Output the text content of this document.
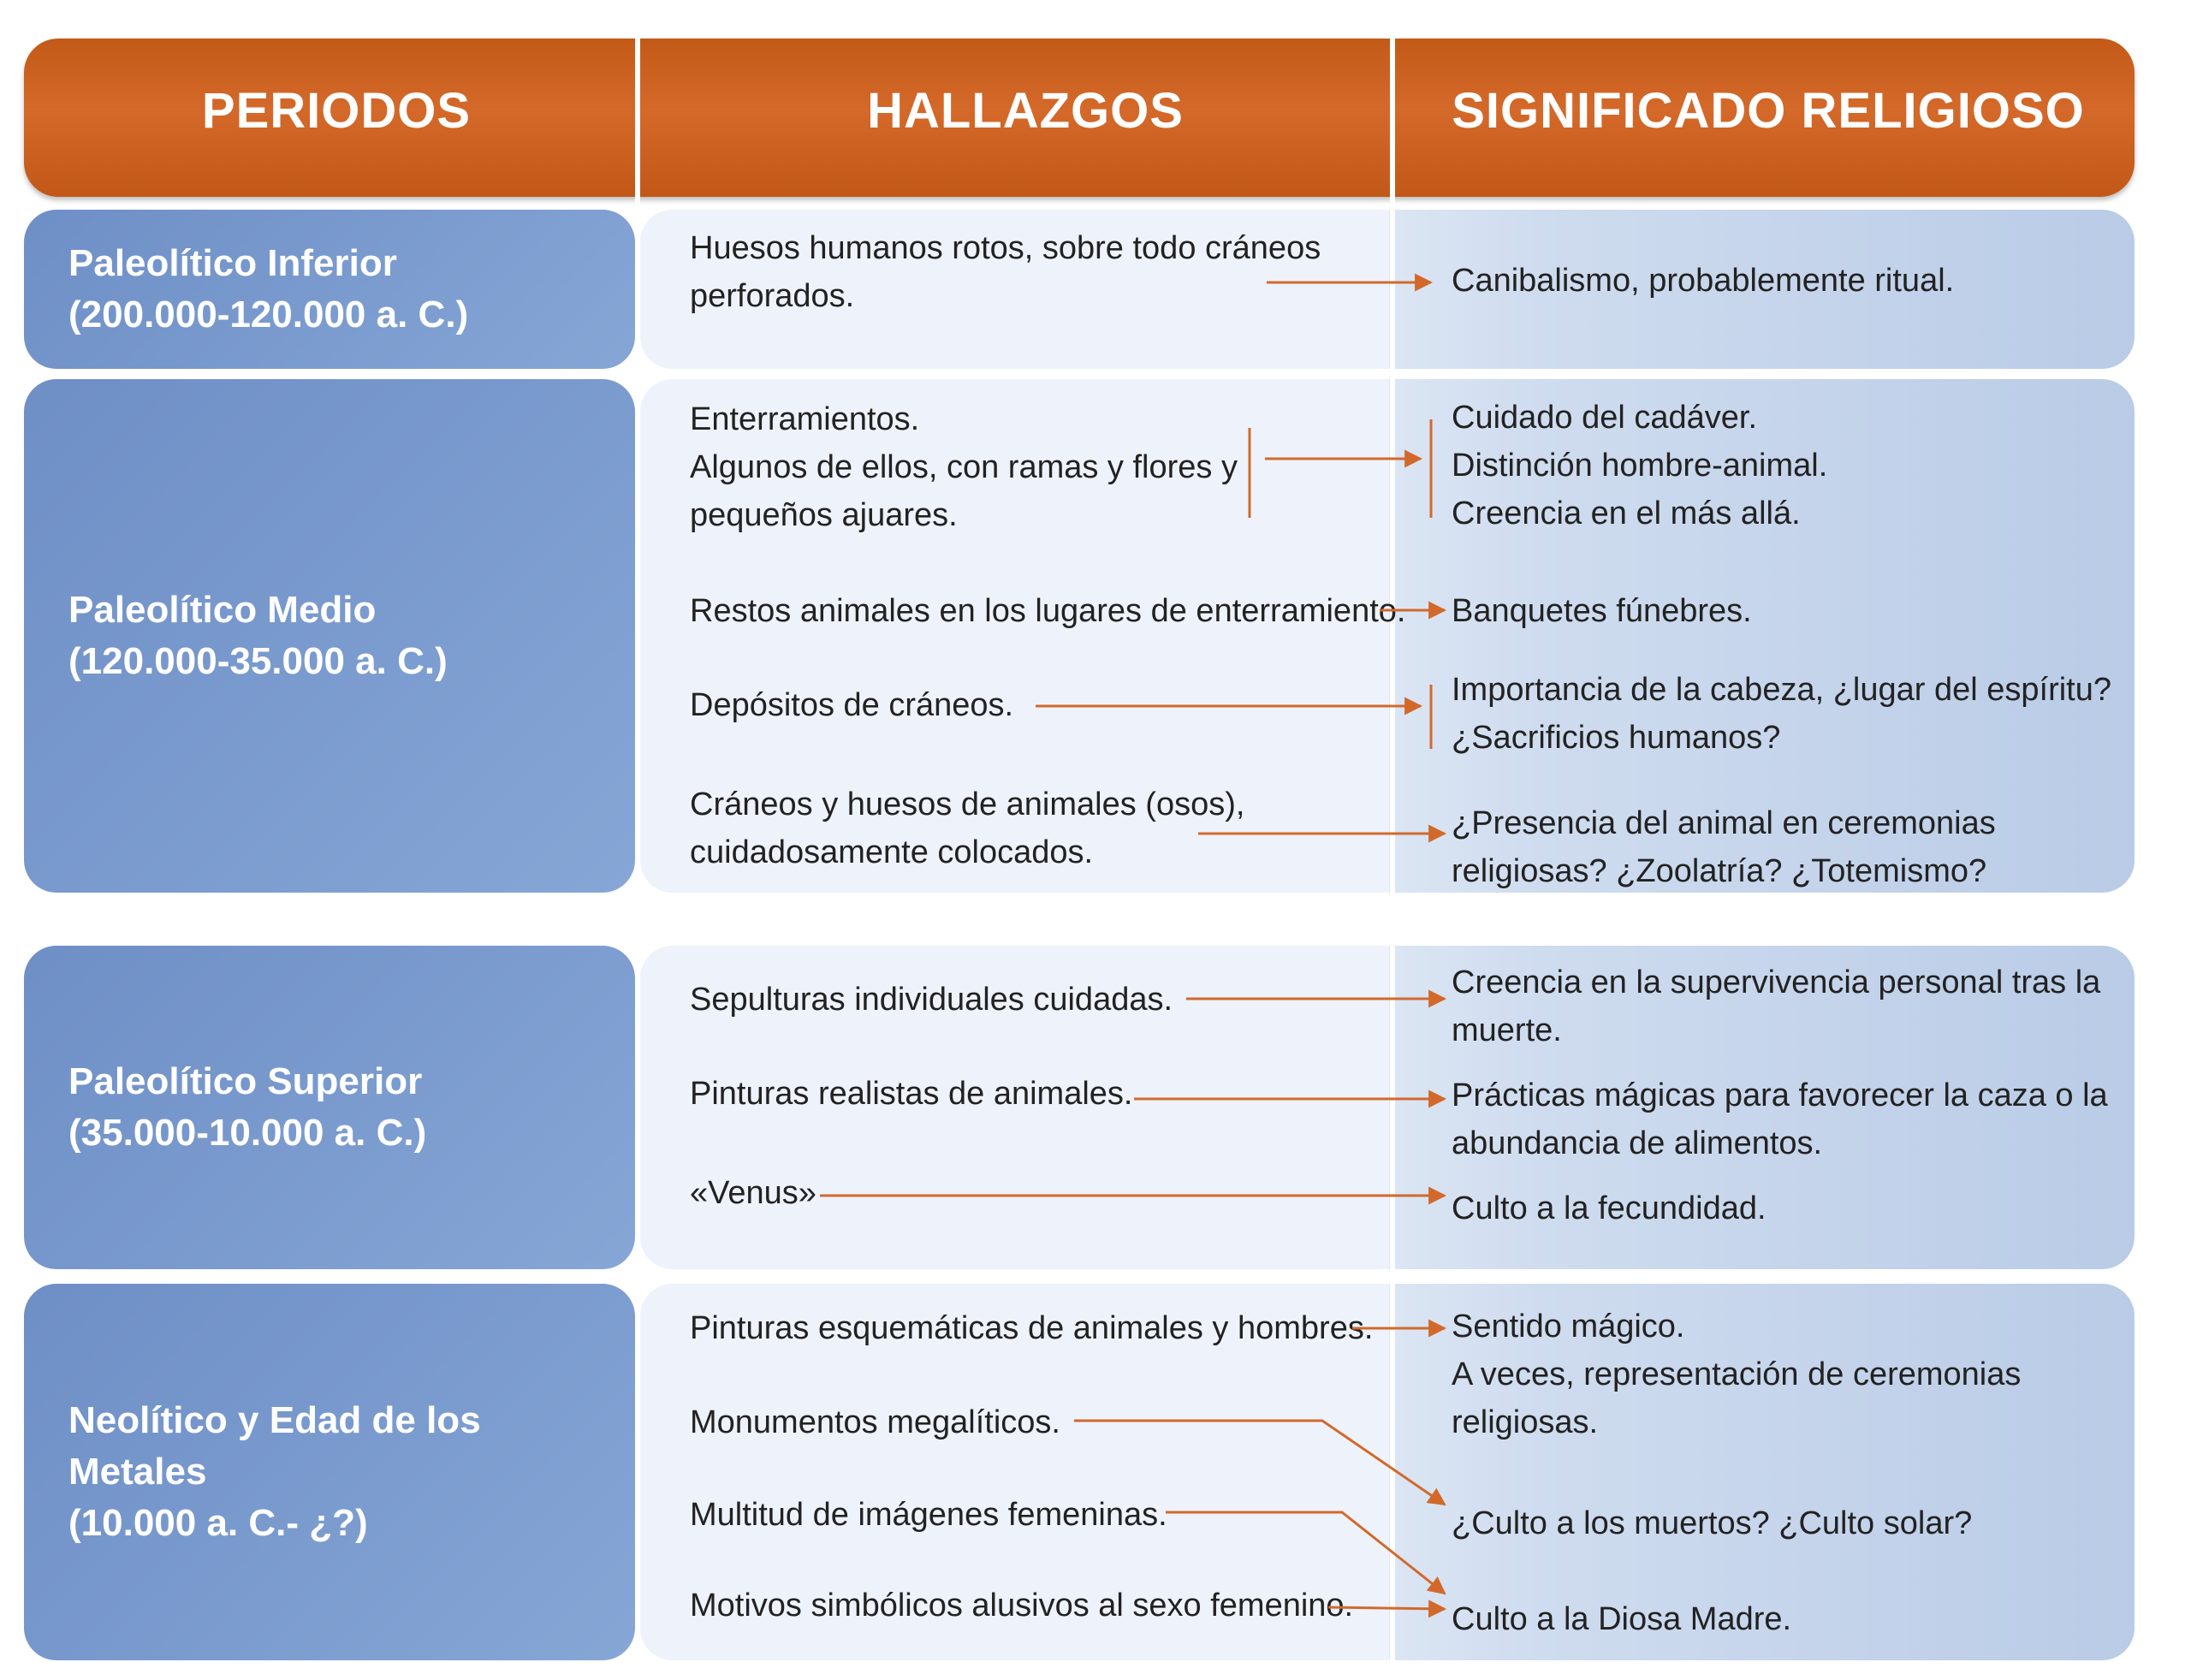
PERIODOS	HALLAZGOS	SIGNIFICADO RELIGIOSO
Paleolítico Inferior
(200.000-120.000 a. C.)
Paleolítico Medio
(120.000-35.000 a. C.)
Paleolítico Superior
(35.000-10.000 a. C.)
Neolítico y Edad de los
Metales
(10.000 a. C.- ¿?)
Huesos humanos rotos, sobre todo cráneos
perforados.
Enterramientos.
Algunos de ellos, con ramas y flores y
pequeños ajuares.
Restos animales en los lugares de enterramiento.
Depósitos de cráneos.
Cráneos y huesos de animales (osos),
cuidadosamente colocados.
Sepulturas individuales cuidadas.
Pinturas realistas de animales.
«Venus»
Pinturas esquemáticas de animales y hombres.
Monumentos megalíticos.
Multitud de imágenes femeninas.
Motivos simbólicos alusivos al sexo femenino.
Canibalismo, probablemente ritual.
Cuidado del cadáver.
Distinción hombre-animal.
Creencia en el más allá.
Banquetes fúnebres.
Importancia de la cabeza, ¿lugar del espíritu?
¿Sacrificios humanos?
¿Presencia del animal en ceremonias
religiosas? ¿Zoolatría? ¿Totemismo?
Creencia en la supervivencia personal tras la
muerte.
Prácticas mágicas para favorecer la caza o la
abundancia de alimentos.
Culto a la fecundidad.
Sentido mágico.
A veces, representación de ceremonias
religiosas.
¿Culto a los muertos? ¿Culto solar?
Culto a la Diosa Madre.
